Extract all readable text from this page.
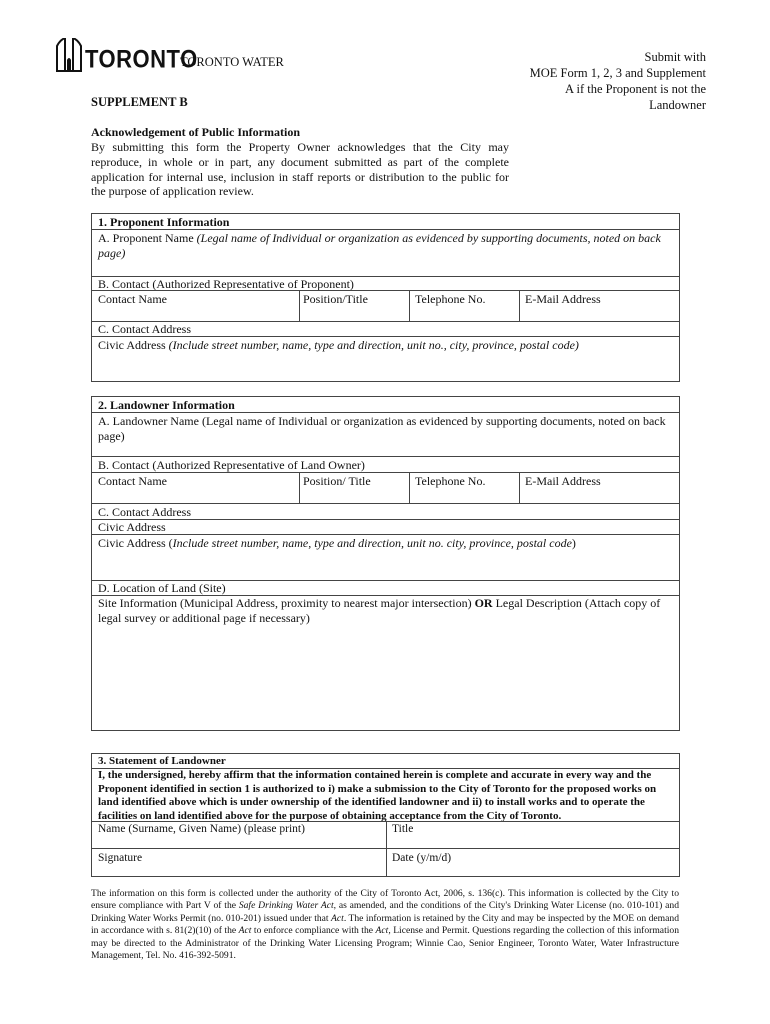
TORONTO
TORONTO WATER	Submit with
MOE Form 1, 2, 3 and Supplement
A if the Proponent is not the
Landowner
SUPPLEMENT B
Acknowledgement of Public Information
By submitting this form the Property Owner acknowledges that the City may reproduce, in whole or in part, any document submitted as part of the complete application for internal use, inclusion in staff reports or distribution to the public for the purpose of application review.
1. Proponent Information
A. Proponent Name (Legal name of Individual or organization as evidenced by supporting documents, noted on back page)
B. Contact (Authorized Representative of Proponent)
Contact Name	Position/Title	Telephone No.	E-Mail Address
C. Contact Address
Civic Address (Include street number, name, type and direction, unit no., city, province, postal code)
2. Landowner Information
A. Landowner Name (Legal name of Individual or organization as evidenced by supporting documents, noted on back page)
B. Contact (Authorized Representative of Land Owner)
Contact Name	Position/ Title	Telephone No.	E-Mail Address
C. Contact Address
Civic Address
Civic Address (Include street number, name, type and direction, unit no. city, province, postal code)
D. Location of Land (Site)
Site Information (Municipal Address, proximity to nearest major intersection) OR Legal Description (Attach copy of legal survey or additional page if necessary)
3. Statement of Landowner
I, the undersigned, hereby affirm that the information contained herein is complete and accurate in every way and the Proponent identified in section 1 is authorized to i) make a submission to the City of Toronto for the proposed works on land identified above which is under ownership of the identified landowner and ii) to install works and to operate the facilities on land identified above for the purpose of obtaining acceptance from the City of Toronto.
Name (Surname, Given Name) (please print)	Title
Signature	Date (y/m/d)
The information on this form is collected under the authority of the City of Toronto Act, 2006, s. 136(c). This information is collected by the City to ensure compliance with Part V of the Safe Drinking Water Act, as amended, and the conditions of the City's Drinking Water License (no. 010-101) and Drinking Water Works Permit (no. 010-201) issued under that Act. The information is retained by the City and may be inspected by the MOE on demand in accordance with s. 81(2)(10) of the Act to enforce compliance with the Act, License and Permit. Questions regarding the collection of this information may be directed to the Administrator of the Drinking Water Licensing Program; Winnie Cao, Senior Engineer, Toronto Water, Water Infrastructure Management, Tel. No. 416-392-5091.
